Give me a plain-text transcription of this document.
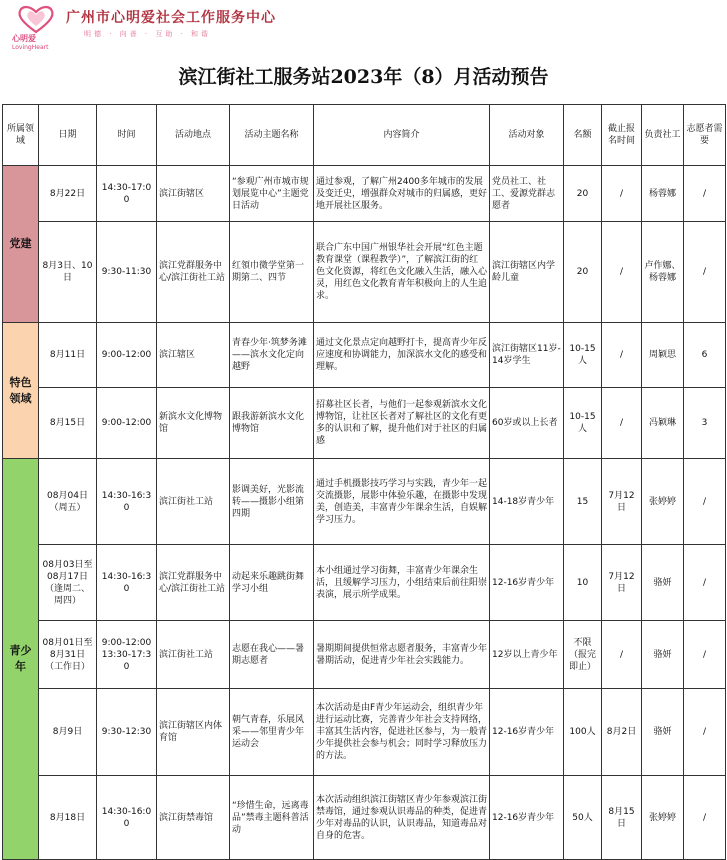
心明爱
LovingHeart
广州市心明爱社会工作服务中心
明德 · 向善 · 互助 · 和谐
滨江街社工服务站2023年（8）月活动预告
所属领域	日期	时间	活动地点	活动主题名称	内容简介	活动对象	名额	截止报名时间	负责社工	志愿者需要
党建	8月22日	14:30-17:00	滨江街辖区	“参观广州市城市规划展览中心”主题党日活动	通过参观，了解广州2400多年城市的发展及变迁史，增强群众对城市的归属感，更好地开展社区服务。	党员社工、社工、爱源党群志愿者	20	/	杨蓉娜	/
	8月3日、10日	9:30-11:30	滨江党群服务中心/滨江街社工站	红領巾微学堂第一期第二、四节	联合广东中国广州银华社会开展“红色主题教育课堂（课程教学）”，了解滨江街的红色文化资源，将红色文化融入生活，融入心灵，用红色文化教育青年积极向上的人生追求。	滨江街辖区内学龄儿童	20	/	卢作娜、杨蓉娜	/
特色领域	8月11日	9:00-12:00	滨江辖区	青春少年·筑梦务滩——滨水文化定向越野	通过文化景点定向越野打卡，提高青少年反应速度和协调能力，加深滨水文化的感受和理解。	滨江街辖区11岁-14岁学生	10-15人	/	周颖思	6
	8月15日	9:00-12:00	新滨水文化博物馆	跟我游新滨水文化博物馆	招募社区长者，与他们一起参观新滨水文化博物馆，让社区长者对了解社区的文化有更多的认识和了解，提升他们对于社区的归属感	60岁或以上长者	10-15人	/	冯颖琳	3
青少年	08月04日（周五）	14:30-16:30	滨江街社工站	影调美好，光影流转——摄影小组第四期	通过手机摄影技巧学习与实践，青少年一起交流摄影，展影中体验乐趣，在摄影中发现美，创造美，丰富青少年课余生活，自娱解学习压力。	14-18岁青少年	15	7月12日	张婷婷	/
	08月03日至08月17日（逢周二、周四）	14:30-16:30	滨江党群服务中心/滨江街社工站	动起来乐趣跳街舞学习小组	本小组通过学习街舞，丰富青少年课余生活，且缓解学习压力，小组结束后前往阳崇表演，展示所学成果。	12-16岁青少年	10	7月12日	骆妍	/
	08月01日至8月31日（工作日）	9:00-12:00 13:30-17:30	滨江街社工站	志愿在我心——暑期志愿者	暑期期间提供恒常志愿者服务，丰富青少年暑期活动，促进青少年社会实践能力。	12岁以上青少年	不限（报完即止）	/	骆妍	/
	8月9日	9:30-12:30	滨江街辖区内体育馆	朝气青春，乐展风采——邻里青少年运动会	本次活动是由F青少年运动会，组织青少年进行运动比赛，完善青少年社会支持网络，丰富其生活内容，促进社区参与，为一般青少年提供社会参与机会；同时学习释放压力的方法。	12-16岁青少年	100人	8月2日	骆妍	/
	8月18日	14:30-16:00	滨江街禁毒馆	“珍惜生命，远离毒品”禁毒主题科普活动	本次活动组织滨江街辖区青少年参观滨江街禁毒馆，通过参观认识毒品的种类，促进青少年对毒品的认识，认识毒品，知道毒品对自身的危害。	12-16岁青少年	50人	8月15日	张婷婷	/
